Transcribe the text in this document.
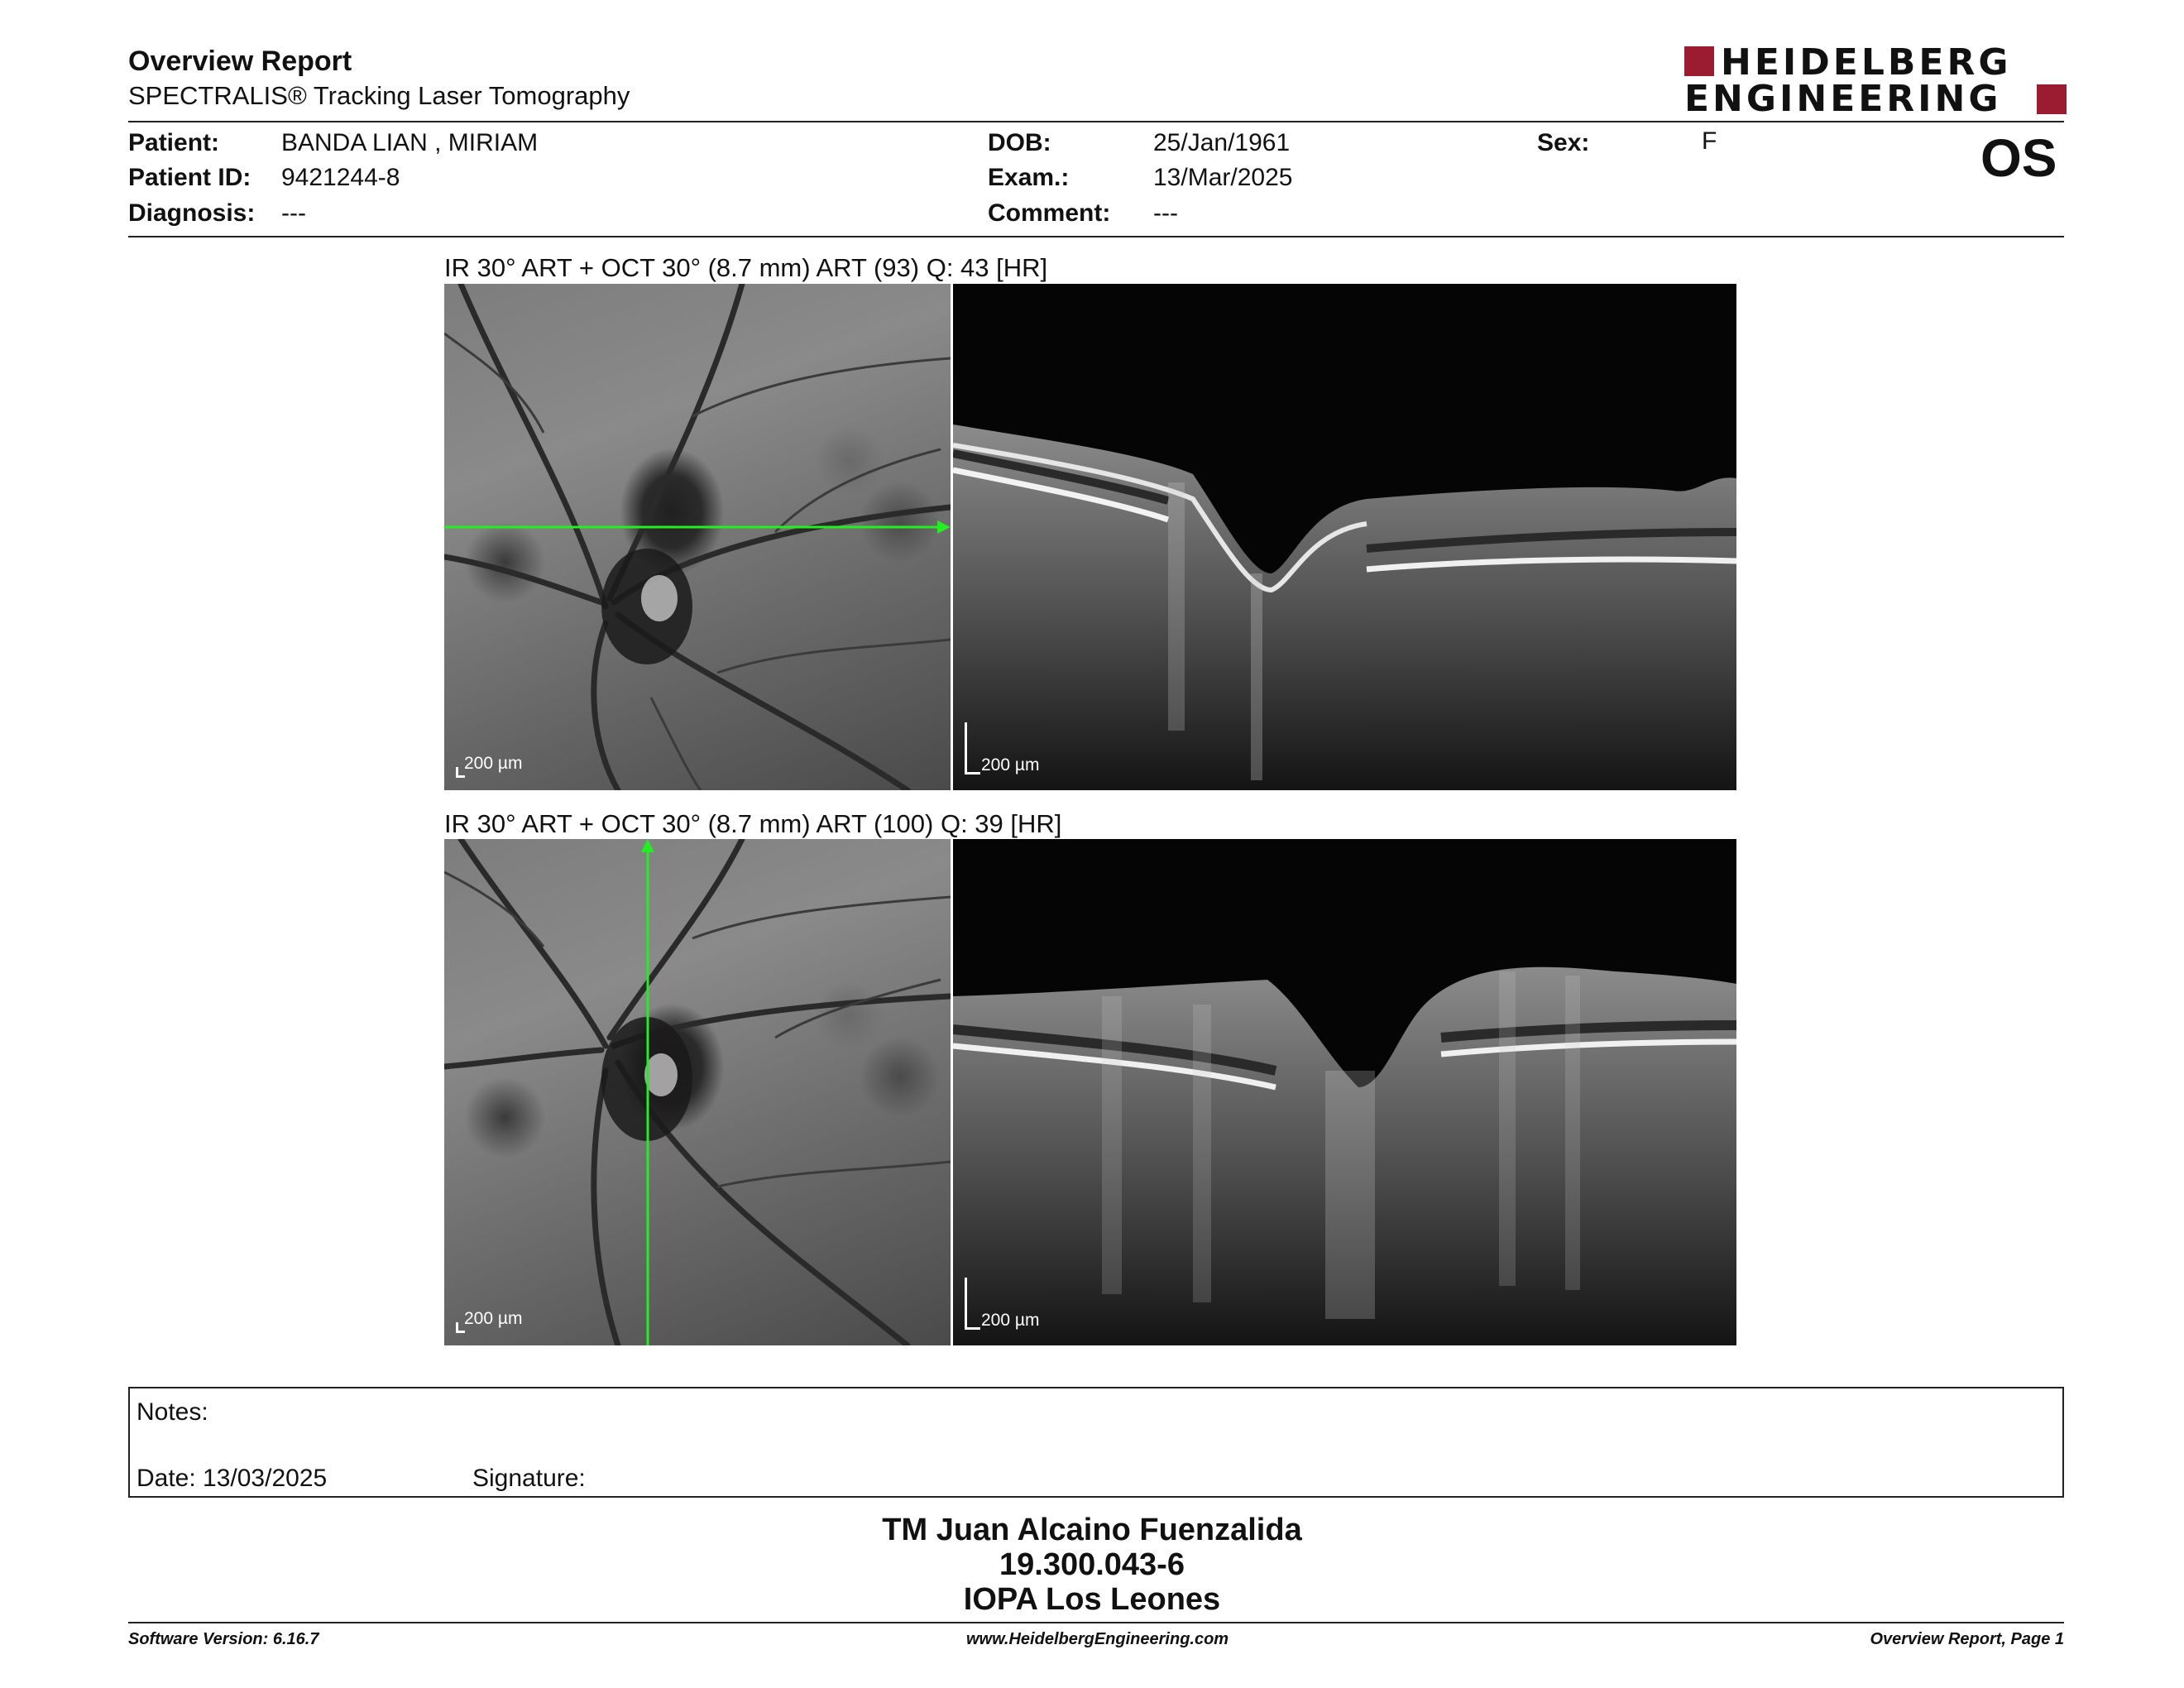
Overview Report
SPECTRALIS® Tracking Laser Tomography
HEIDELBERG
ENGINEERING
Patient: BANDA LIAN , MIRIAM
Patient ID: 9421244-8
Diagnosis: ---
DOB:	25/Jan/1961
Exam.:	13/Mar/2025
Comment: ---
Sex:	F	OS
IR 30° ART + OCT 30° (8.7 mm) ART (93) Q: 43 [HR]
200 µm	200 µm
IR 30° ART + OCT 30° (8.7 mm) ART (100) Q: 39 [HR]
200 µm	200 µm
Notes:
Date: 13/03/2025	Signature:
TM Juan Alcaino Fuenzalida
19.300.043-6
IOPA Los Leones
Software Version: 6.16.7	www.HeidelbergEngineering.com	Overview Report, Page 1
